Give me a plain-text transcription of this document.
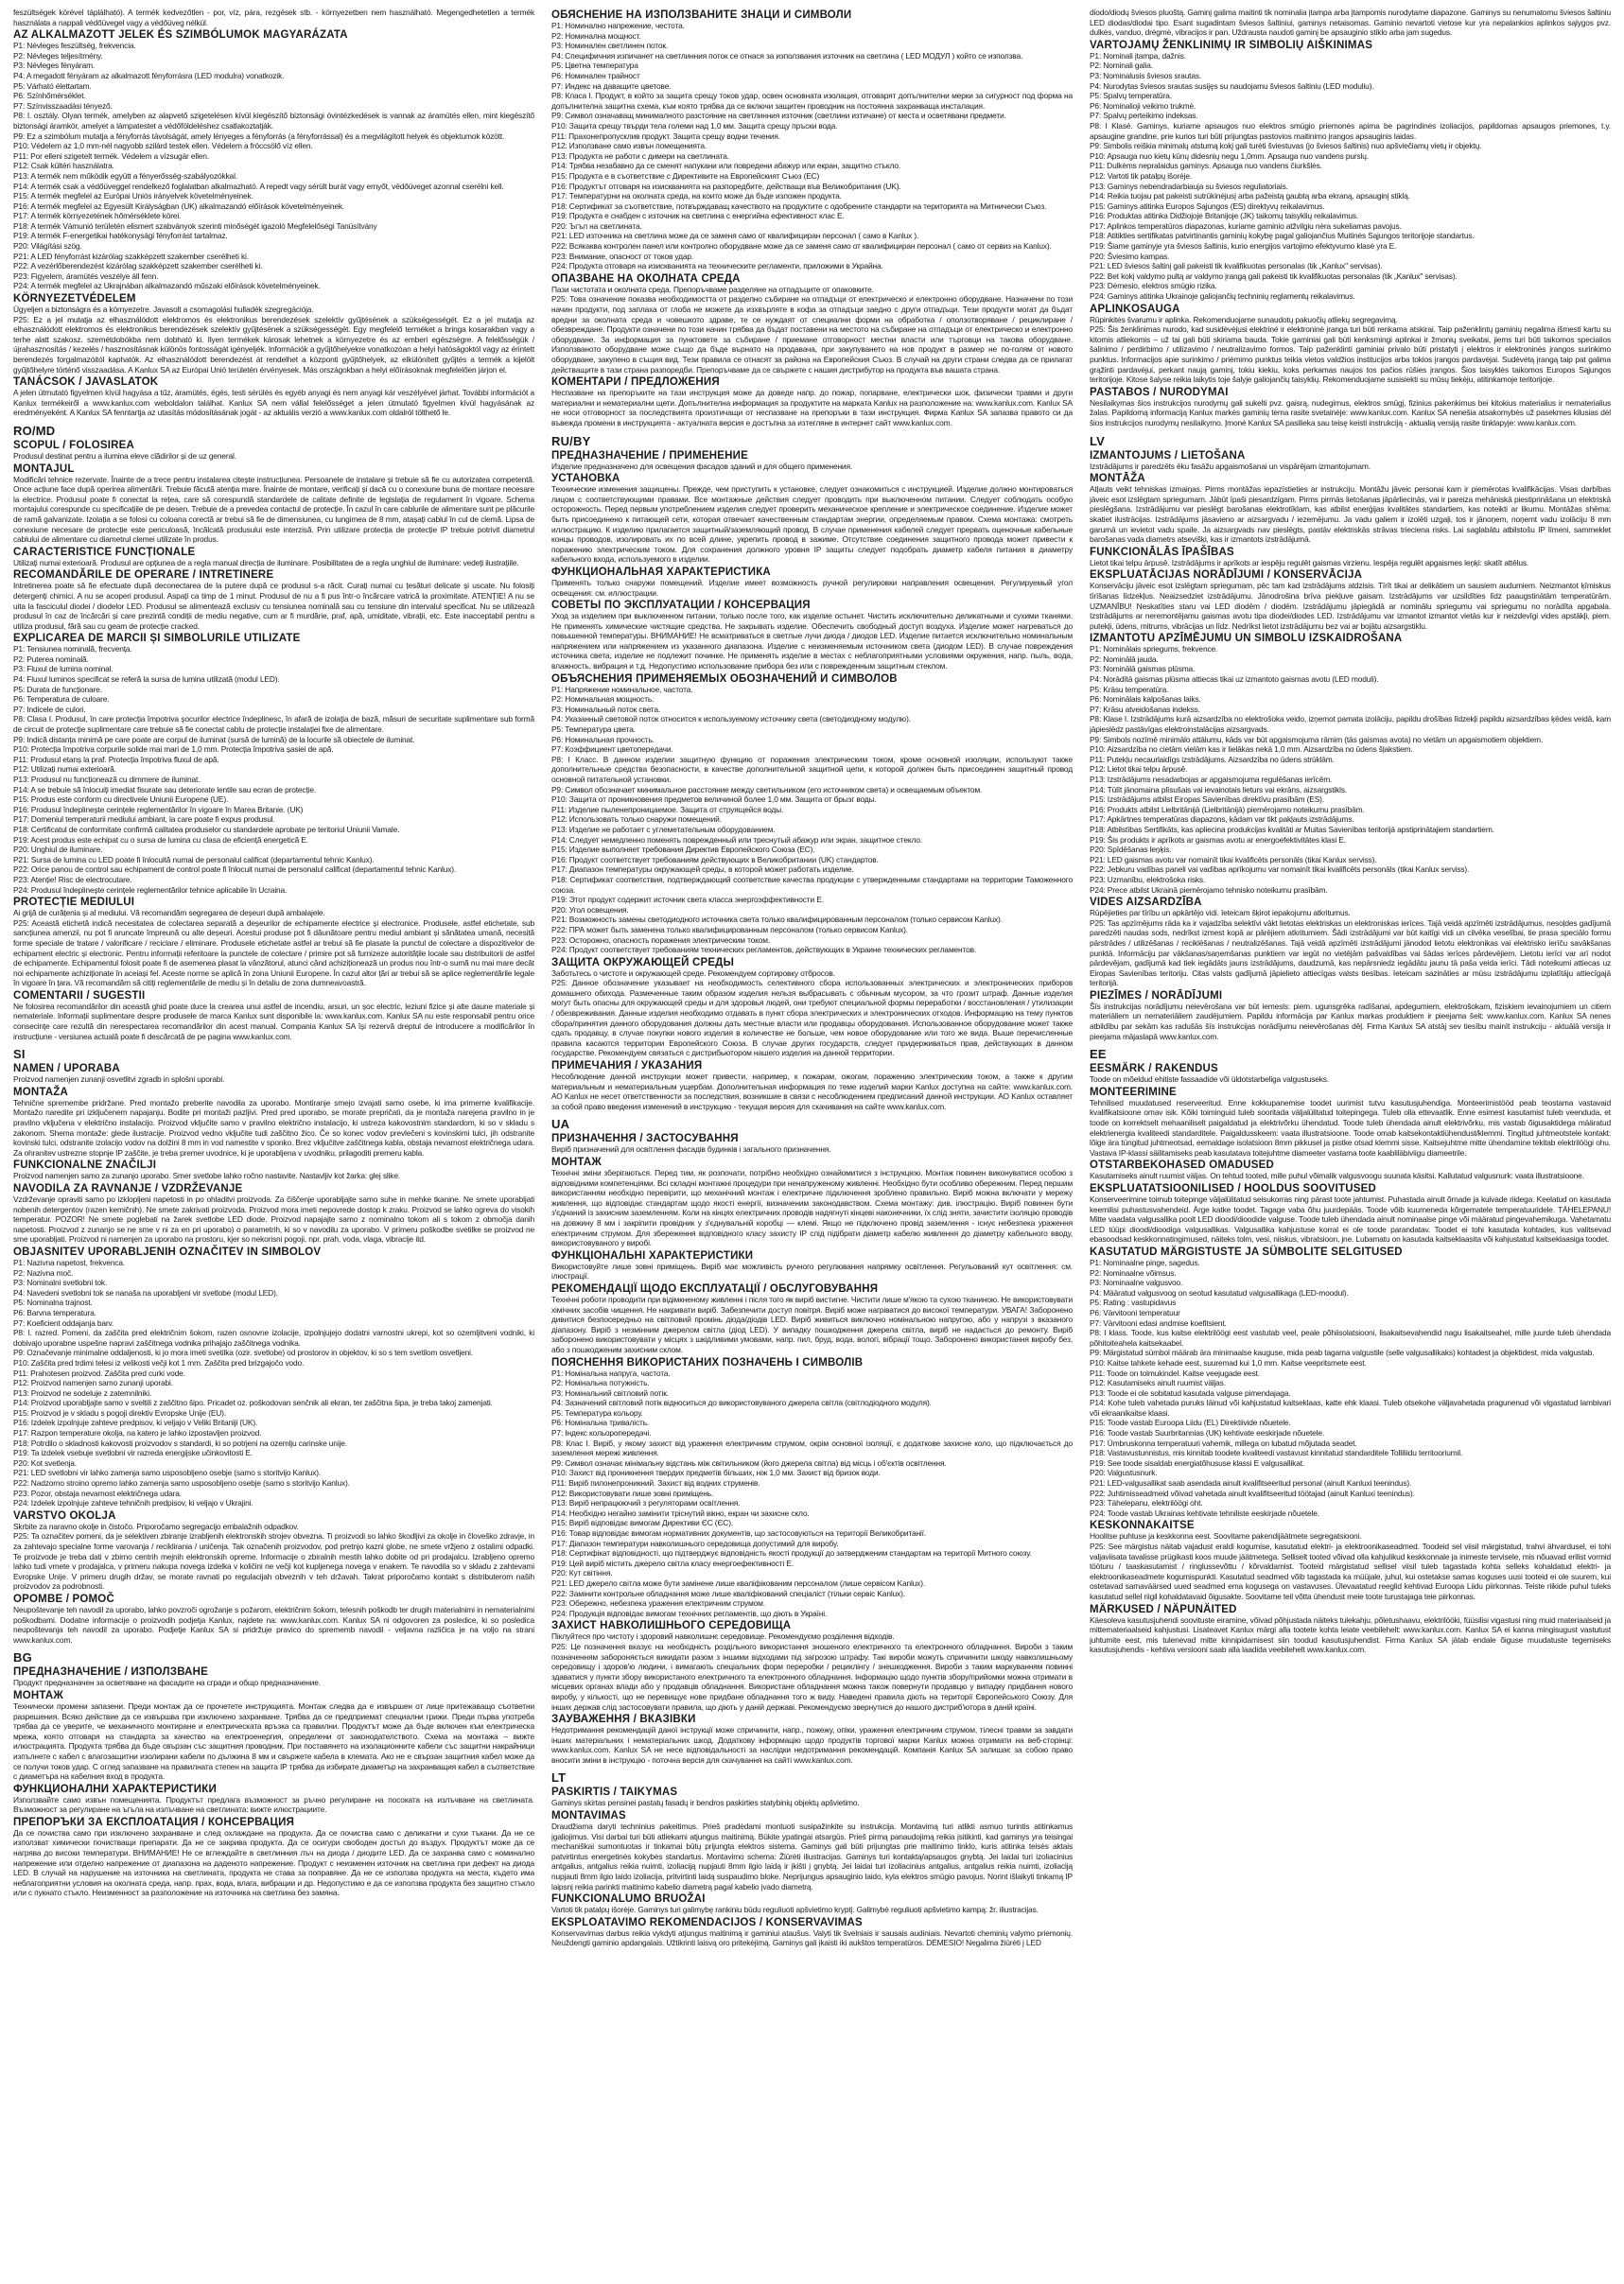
feszültségek körével táplálható). A termék kedvezőtlen - por, víz, pára, rezgések stb. - környezetben nem használható. Megengedhetetlen a termék használata a nappali védőüvegel vagy a védőüveg nélkül.

AZ ALKALMAZOTT JELEK ÉS SZIMBÓLUMOK MAGYARÁZATA

P1: Névleges feszültség, frekvencia.

P2: Névleges teljesítmény.

P3: Névleges fényáram.

P4: A megadott fényáram az alkalmazott fényforrásra (LED modulra) vonatkozik.

P5: Várható élettartam.

P6: Színhőmérséklet.

P7: Színvisszaadási tényező.

P8: I. osztály. Olyan termék, amelyben az alapvető szigetelésen kívül kiegészítő biztonsági óvintézkedések is vannak az áramütés ellen, mint kiegészítő biztonsági áramkör, amelyet a lámpatestet a védőföldeléshez csatlakoztatják.

P9: Ez a szimbólum mutatja a fényforrás távolságát, amely lényeges a fényforrás (a fényforrással) és a megvilágított helyek és objektumok között.

P10: Védelem az 1,0 mm-nél nagyobb szilárd testek ellen. Védelem a fröccsölő víz ellen.

P11: Por elleni szigetelt termék. Védelem a vízsugár ellen.

P12: Csak kültéri használatra.

P13: A termék nem működik együtt a fényerősség-szabályozókkal.

P14: A termék csak a védőüveggel rendelkező foglalatban alkalmazható. A repedt vagy sérült burát vagy ernyőt, védőüveget azonnal cserélni kell.

P15: A termék megfelel az Európai Uniós irányelvek követelményeinek.

P16: A termék megfelel az Egyesült Királyságban (UK) alkalmazandó előírások követelményeinek.

P17: A termék környezetének hőmérséklete körei.

P18: A termék Vámunió területén elismert szabványok szerinti minőségét igazoló Megfelelőségi Tanúsítvány

P19: A termék F-energetikai hatékonysági fényforrást tartalmaz.

P20: Világítási szög.

P21: A LED fényforrást kizárólag szakképzett szakember cserélheti ki.

P22: A vezérlőberendezést kizárólag szakképzett szakember cserélheti ki.

P23: Figyelem, áramütés veszélye áll fenn.

P24: A termék megfelel az Ukrajnában alkalmazandó műszaki előírások követelményeinek.

KÖRNYEZETVÉDELEM

Ügyeljen a biztonságra és a környezetre. Javasolt a csomagolási hulladék szegregációja.

P25: Ez a jel mutatja az elhasználódott elektromos és elektronikus berendezések szelektív gyűjtésének a szükségességét. Ez a jel mutatja az elhasználódott elektromos és elektronikus berendezések szelektív gyűjtésének a szükségességét. Egy megfelelő terméket a bringa kosarakban vagy a terhe alatt szakosz. szemétdobókba nem dobható ki. Ilyen termékek károsak lehetnek a környezetre és az emberi egészségre. A felelősségük / újrahasznosítás / kezelés / hasznosításnak különös fontosságát igényeljék. Információk a gyűjtőhelyekre vonatkozóan a helyi hatóságoktól vagy az érintett berendezés forgalmazóitól kaphatók. Az elhasználódott berendezést át rendelhet a központi gyűjtőhelyek, az elkülönített gyűjtés a termék a kijelölt gyűjtőhelyre történő visszaadása. A Kanlux SA az Európai Unió területén érvényesek. Más országokban a helyi előírásoknak megfelelően járjon el.

TANÁCSOK / JAVASLATOK

A jelen útmutató figyelmen kívül hagyása a tűz, áramütés, égés, testi sérülés és egyéb anyagi és nem anyagi kár veszélyével járhat. További információt a Kanlux termékeiről a www.kanlux.com weboldalon találhat. Kanlux SA nem vállal felelősséget a jelen útmutató figyelmen kívül hagyásának az eredményeként. A Kanlux SA fenntartja az utasítás módosításának jogát - az aktuális verzió a www.kanlux.com oldalról tölthető le.

RO/MD
SCOPUL / FOLOSIREA

Produsul destinat pentru a ilumina eleve clădirilor și de uz general.

MONTAJUL

Modificări tehnice rezervate. Înainte de a trece pentru instalarea citește instrucțiunea. Persoanele de instalare și trebuie să fie cu autorizatea competentă. Once acțiune face după operirea alimentării. Trebuie făcută atenția mare. Înainte de montare, verificați și dacă cu o conexiune buna de montare necesare la electrice. Produsul poate fi conectat la rețea, care să corespundă standardele de calitate definite de legislația de regulament în vigoare. Schema montajului corespunde cu specificațiile de pe desen. Trebuie de a prevedea contactul de protecție. În cazul în care cablurile de alimentare sunt pe plăcurile de ramă galvanizate. Izolația a se folosi cu coloana corectă ar trebui să fie de dimensiunea, cu lungimea de 8 mm, atașați cablul în cul de clemă. Lipsa de conexiune necesare de protecție este periculoasă, încălcată produsului este interzisă. Prin utilizare protecția de protecție IP trebuie potrivit diametrul cablului de alimentare cu diametrul clemei utilizate în produs.

CARACTERISTICE FUNCȚIONALE

Utilizați numai exterioară. Produsul are opțiunea de a regla manual direcția de iluminare. Posibilitatea de a regla unghiul de iluminare: vedeți ilustrațiile.

RECOMANDĂRILE DE OPERARE / INTRETINERE

Intretinerea poate să fie efectuate după deconectarea de la putere după ce produsul s-a răcit. Curați numai cu țesături delicate și uscate. Nu folosiți detergenți chimici. A nu se acoperi produsul. Aspați ca timp de 1 minut. Produsul de nu a fi pus într-o încărcare vatrică la proximitate. ATENȚIE! A nu se uita la fasciculul diodei / diodelor LED. Produsul se alimentează exclusiv cu tensiunea nominală sau cu tensiune din intervalul specificat. Nu se utilizează produsul în caz de încărcări și care prezintă condiții de mediu negative, cum ar fi murdărie, praf, apă, umiditate, vibrații, etc. Este inacceptabil pentru a utiliza produsul, fără sau cu geam de protecție cracked.

EXPLICAREA DE MARCII ȘI SIMBOLURILE UTILIZATE

P1: Tensiunea nominală, frecvența.

P2: Puterea nominală.

P3: Fluxul de lumina nominal.

P4: Fluxul luminos specificat se referă la sursa de lumina utilizată (modul LED).

P5: Durata de funcționare.

P6: Temperatura de culoare.

P7: Indicele de culori.

P8: Clasa I. Produsul, în care protecția împotriva șocurilor electrice îndeplinesc, în afară de izolația de bază, măsuri de securitate suplimentare sub formă de circuit de protecție suplimentare care trebuie să fie conectat cablu de protecție instalației fixe de alimentare.

P9: Indică distanța minimă pe care poate are corpul de iluminat (sursă de lumină) de la locurile să obiectele de iluminat.

P10: Protecția împotriva corpurile solide mai mari de 1,0 mm. Protecția împotriva șasiei de apă.

P11: Produsul etanș la praf. Protecția împotriva fluxul de apă.

P12: Utilizați numai exterioară.

P13: Produsul nu funcționează cu dimmere de iluminat.

P14: A se trebuie să înlocuiți imediat fisurate sau deteriorate lentile sau ecran de protecție.

P15: Produs este conform cu directivele Uniunii Europene (UE).

P16: Produsul îndeplinește cerințele reglementărilor în vigoare în Marea Britanie. (UK)

P17: Domeniul temperaturii mediului ambiant, la care poate fi expus produsul.

P18: Certificatul de conformitate confirmă calitatea produselor cu standardele aprobate pe teritoriul Uniunii Vamale.

P19: Acest produs este echipat cu o sursa de lumina cu clasa de eficiență energetică E.

P20: Unghiul de iluminare.

P21: Sursa de lumina cu LED poate fi înlocuită numai de personalul calificat (departamentul tehnic Kanlux).

P22: Orice panou de control sau echipament de control poate fi înlocuit numai de personalul calificat (departamentul tehnic Kanlux).

P23: Atenție! Risc de electrocutare.

P24: Produsul îndeplinește cerințele reglementărilor tehnice aplicabile în Ucraina.

PROTECȚIE MEDIULUI

Ai grijă de curățenia și al mediului. Vă recomandăm segregarea de deșeuri după ambalajele.

P25: Această etichetă indică necesitatea de colectarea separată a deșeurilor de echipamente electrice și electronice. Produsele, astfel etichetate, sub sancțiunea amenzii, nu pot fi aruncate împreună cu alte deșeuri. Acestui produse pot fi dăunătoare pentru mediul ambiant și sănătatea umană, necesită forme speciale de tratare / valorificare / reciclare / eliminare. Produsele etichetate astfel ar trebui să fie plasate la punctul de colectare a dispozitivelor de echipament electric și electronic. Pentru informații referitoare la punctele de colectare / primire pot să furnizeze autoritățile locale sau distribuitorii de astfel de echipamente. Echipamentul folosit poate fi de asemenea plasat la vânzătorul, atunci când achiziționează un produs nou într-o sumă nu mai mare decât noi echipamente achiziționate în aceiași fel. Aceste norme se aplică în zona Uniunii Europene. În cazul altor țări ar trebui să se aplice reglementările legale în vigoare în țara. Vă recomandăm să citiți reglementările de mediu și în detaliu de zona dumneavoastră.

COMENTARII / SUGESTII

Ne folosirea recomandărilor din această ghid poate duce la crearea unui astfel de incendiu, arsuri, un șoc electric, leziuni fizice și alte daune materiale și nemateriale. Informații suplimentare despre produsele de marca Kanlux sunt disponibile la: www.kanlux.com. Kanlux SA nu este responsabil pentru orice consecințe care rezultă din nerespectarea recomandărilor din acest manual. Compania Kanlux SA își rezervă dreptul de introducere a modificărilor în instrucțiune - versiunea actuală poate fi descărcată de pe pagina www.kanlux.com.

SI
NAMEN / UPORABA

Proizvod namenjen zunanji osvetlitvi zgradb in splošni uporabi.

MONTAŽA

Tehnične spremembe pridržane. Pred montažo preberite navodila za uporabo. Montiranje smejo izvajati samo osebe, ki ima primerne kvalifikacije. Montažo naredite pri izključenem napajanju. Bodite pri montaži pazljivi. Pred pred uporabo, se morate prepričati, da je montaža narejena pravilno in je pravilno vključena v električno instalacijo. Proizvod vključite samo v pravilno električno instalacijo, ki ustreza kakovostnim standardom, ki so v skladu s zakonom. Shema montaže: glede ilustracije. Proizvod vedno vključite tudi zaščitno žico. Če so konec vodov prevlečeni s kovinskimi tulci, jih odstranite kovinski tulci, odstranite izolacijo vodov na dolžini 8 mm in vod namestite v sponko. Brez vključitve zaščitnega kabla, obstaja nevarnost električnega udara. Za ohranitev ustrezne stopnje IP zaščite, je treba premer uvodnice, ki je uporabljena v uvodniku, prilagoditi premeru kabla.

FUNKCIONALNE ZNAČILJI

Proizvod namenjen samo za zunanjo uporabo. Smer svetlobe lahko ročno nastavite. Nastavljiv kot žarka: glej slike.

NAVODILA ZA RAVNANJE / VZDRŽEVANJE

Vzdrževanje opraviti samo po izklopljeni napetosti in po ohladitvi proizvoda. Za čiščenje uporabljajte samo suhe in mehke tkanine. Ne smete uporabljati nobenih detergentov (razen kemičnih). Ne smete zakrivati proizvoda. Proizvod mora imeti nepovrede dostop k zraku. Proizvod se lahko ogreva do visokih temperatur. POZOR! Ne smete poglebati na žarek svetlobe LED diode. Proizvod napajajte samo z nominalno tokom ali s tokom z območja danih napetosti. Proizvod z zunanjo se ne sme v ni za en pri uporabo) o parametrih, ki so v navodilu za uporabo. V primeru poškodbe svetilke se proizvod ne sme uporabljati. Proizvod ni namenjen za uporabo na prostoru, kjer so nekorisni pogoji, npr. prah, voda, vlaga, vibracije itd.

OBJASNITEV UPORABLJENIH OZNAČITEV IN SIMBOLOV

P1: Nazivna napetost, frekvenca.

P2: Nazivna moč.

P3: Nominalni svetlobni tok.

P4: Navedeni svetlobni tok se nanaša na uporabljeni vir svetlobe (modul LED).

P5: Nominalna trajnost.

P6: Barvna temperatura.

P7: Koeficient oddajanja barv.

P8: I. razred. Pomeni, da zaščita pred električnim šokom, razen osnovne izolacije, izpolnjujejo dodatni varnostni ukrepi, kot so ozemljitveni vodniki, ki dobivajo uporabne uspešne napravi zaščitnega vodnika prihajajo zaščitnega vodnika.

P9: Označevanje minimalne oddaljenosti, ki jo mora imeti svetilka (ozir. svetlobe) od prostorov in objektov, ki so s tem svetilom osvetljeni.

P10: Zaščita pred trdimi telesi iz velikosti večji kot 1 mm. Zaščita pred brizgajočo vodo.

P11: Prahotesen proizvod. Zaščita pred curki vode.

P12: Proizvod namenjen samo zunanji uporabi.

P13: Proizvod ne sodeluje z zatemnilniki.

P14: Proizvod uporabljajte samo v sveltili z zaščitno šipo. Pricadet oz. poškodovan senčnik ali ekran, ter zaščitna šipa, je treba takoj zamenjati.

P15: Proizvod je v skladu s pogoji direktiv Evropske Unije (EU).

P16: Izdelek izpolnjuje zahteve predpisov, ki veljajo v Veliki Britaniji (UK).

P17: Razpon temperature okolja, na katero je lahko izpostavljen proizvod.

P18: Potrdilo o skladnosti kakovosti proizvodov s standardi, ki so potrjeni na ozemlju carinske unije.

P19: Ta izdelek vsebuje svetlobni vir razreda energijske učinkovitosti E.

P20: Kot svetlenja.

P21: LED svetlobni vir lahko zamenja samo usposobljeno osebje (samo s storitvijo Kanlux).

P22: Nadzorno stroino opremo lahko zamenja samo usposobljeno osebje (samo s storitvijo Kanlux).

P23: Pozor, obstaja nevarnost električnega udara.

P24: Izdelek izpolnjuje zahteve tehničnih predpisov, ki veljajo v Ukrajini.

VARSTVO OKOLJA

Skrbite za naravno okolje in čistočo. Priporočamo segregacijo embalažnih odpadkov.

P25: Ta označitev pomeni, da je selektiven zbiranje izrabljenih elektronskih strojev obvezna. Ti proizvodi so lahko škodljivi za okolje in človeško zdravje, in za zahtevajo specialne forme varovanja / reciklirania / uničenja. Tak označenih proizvodov, pod pretnjo kazni globe, ne smete vržjeno z ostalimi odpadki. Te proizvode je treba dati v zbirno centrih mejnih elektronskih opreme. Informacije o zbiralnih mestih lahko dobite od pri prodajalcu. Izrabljeno opremo lahko tudi vrnete v prodajalca, v primeru nakupa novega izdelka v količini ne večji kot kupljenega novega v enakem. Te navodila so v skladu z zahtevami Evropske Unije. V primeru drugih držav, se morate ravnati po regulacijah obveznih v teh državah. Takrat priporočamo kontakt s distributerom naših proizvodov za podrobnosti.

OPOMBE / POMOČ

Neupoštevanje teh navodil za uporabo, lahko povzroči ogrožanje s požarom, električnim šokom, telesnih poškodb ter drugih materialnimi in nematerialnimi poškodbami. Dodatne informacije o proizvodih podjetja Kanlux, najdete na: www.kanlux.com. Kanlux SA ni odgovoren za posledice, ki so posledica neupoštevanja teh navodil za uporabo. Podjetje Kanlux SA si pridržuje pravico do sprememb navodil - veljavna različica je na voljo na strani www.kanlux.com.

BG
ПРЕДНАЗНАЧЕНИЕ / ИЗПОЛЗВАНЕ

Продукт предназначен за осветяване на фасадите на сгради и общо предназначение.

МОНТАЖ

Технически промени запазени. Преди монтаж да се прочетете инструкцията. Монтаж следва да е извършен от лице притежаващо съответни разрешения. Всяко действие да се извършва при изключено захранване. Трябва да се предприемат специални грижи. Преди първа употреба трябва да се уверите, че механичното монтиране и електрическата връзка са правилни. Продуктът може да бъде включен към електрическа мрежа, която отговаря на стандарта за качество на електроенергия, определени от законодателството. Схема на монтажа – вижте илюстрацията. Продукта трябва да бъде свързан със защитния проводник. При поставянето на изолационните кабели със защитни накрайници изпълнете с кабел с влагозащитни изолирани кабели по дължина 8 мм и свържете кабела в клемата. Ако не е свързан защитния кабел може да се получи токов удар. С оглед запазване на правилната степен на защита IP трябва да избирате диаметър на захранващия кабел в съответствие с диаметъра на кабелния вход в продукта.

ФУНКЦИОНАЛНИ ХАРАКТЕРИСТИКИ

Използвайте само извън помещенията. Продуктът предлага възможност за ръчно регулиране на посоката на излъчване на светлината. Възможност за регулиране на ъгъла на излъчване на светлината: вижте илюстрациите.

ПРЕПОРЪКИ ЗА ЕКСПЛОАТАЦИЯ / КОНСЕРВАЦИЯ

Да се почиства само при изключено захранване и след охлаждане на продукта. Да се почиства само с деликатни и сухи тъкани. Да не се използват химически почистващи препарати. Да не се закрива продукта. Да се осигури свободен достъп до въздух. Продуктът може да се нагрява до високи температури. ВНИМАНИЕ! Не се вглеждайте в светлинния лъч на диода / диодите LED. Да се захранва само с номинално напрежение или отделно напрежение от диапазона на даденото напрежение. Продукт с неизменен източник на светлина при дефект на диода LED. В случай на нарушение на източника на светлината, продукта не става за поправяне. Да не се използва продукта на места, където има неблагоприятни условия на околната среда, напр. прах, вода, влага, вибрации и др. Недопустимо е да се използва продукта без защитно стъкло или с пукнато стъкло. Неизменност за разположение на източника на светлина без замяна.

ОБЯСНЕНИЕ НА ИЗПОЛЗВАНИТЕ ЗНАЦИ И СИМВОЛИ

P1: Номинално напрежение, честота.

P2: Номинална мощност.

P3: Номинален светлинен поток.

P4: Специфичния изпичанет на светлинния поток се отнася за използвания източник на светлина ( LED МОДУЛ ) който се използва.

P5: Цветна температура

P6: Номинален трайност

P7: Индекс на даващите цветове.

P8: Класа I. Продукт, в който за защита срещу токов удар, освен основната изолация, отговарят допълнителни мерки за сигурност под форма на допълнителна защитна схема, към която трябва да се включи защитен проводник на постоянна захранваща инсталация.

P9: Символ означаващ минималното разстояние на светлинния източник (светлини изтичане) от места и осветявани предмети.

P10: Защита срещу твърди тела големи над 1,0 мм. Защита срещу пръски вода.

P11: Прахонепропусклив продукт. Защита срещу водни течения.

P12: Използване само извън помещенията.

P13: Продукта не работи с димери на светлината.

P14: Трябва незабавно да се сменят напукани или повредени абажур или екран, защитно стъкло.

P15: Продукта е в съответствие с Директивите на Европейският Съюз (ЕС)

P16: Продуктът отговаря на изискванията на разпоредбите, действащи във Великобритания (UK).

P17: Температурни на околната среда, на които може да бъде изложен продукта.

P18: Сертификат за съответствие, потвърждаващ качеството на продуктите с одобрените стандарти на територията на Митнически Съюз.

P19: Продукта е снабден с източник на светлина с енергийна ефективност клас Е.

P20: Ъгъл на светлината.

P21: LED източника на светлина може да се заменя само от квалифициран персонал ( само в Kanlux ).

P22: Всякаква контролен панел или контролно оборудване може да се заменя само от квалифициран персонал ( само от сервиз на Kanlux).

P23: Внимание, опасност от токов удар.

P24: Продукта отговаря на изискванията на техническите регламенти, приложими в Украйна.

ОПАЗВАНЕ НА ОКОЛНАТА СРЕДА

Пази чистотата и околната среда. Препоръчваме разделяне на отпадъците от опаковките.

P25: Това означение показва необходимостта от разделно събиране на отпадъци от електрическо и електронно оборудване. Назначени по този начин продукти, под заплаха от глоба не можете да изхвърляте в кофа за отпадъци заедно с други отпадъци. Тези продукти могат да бъдат вредни за околната среда и човешкото здраве, те се нуждаят от специални форми на обработка / оползотворяване / рециклиране / обезвреждане. Продукти означени по този начин трябва да бъдат поставени на местото на събиране на отпадъци от електрическо и електронно оборудване. За информация за пунктовете за събиране / приемане отговорност местни власти или търговци на такова оборудване. Използваното оборудване може също да бъде върнато на продавача, при закупуването на нов продукт в размер не по-голям от новото оборудване, закупено в същия вид. Тези правила се отнасят за района на Европейския Съюз. В случай на други страни следва да се прилагат действащите в тази страна разпоредби. Препоръчваме да се свържете с нашия дистрибутор на продукта във вашата страна.

КОМЕНТАРИ / ПРЕДЛОЖЕНИЯ

Неспазване на препоръките на тази инструкция може да доведе напр. до пожар, попарване, електрически шок, физически травми и други материални и нематериални щети. Допълнителна информация за продуктите на марката Kanlux на разположение на: www.kanlux.com. Kanlux SA не носи отговорност за последствията произтичащи от неспазване на препоръки в тази инструкция. Фирма Kanlux SA запазва правото си да въвежда промени в инструкцията - актуалната версия е достъпна за изтегляне в интернет сайт www.kanlux.com.

RU/BY
ПРЕДНАЗНАЧЕНИЕ / ПРИМЕНЕНИЕ

Изделие предназначено для освещения фасадов зданий и для общего применения.

УСТАНОВКА

Технические изменения защищены. Прежде, чем приступить к установке, следует ознакомиться с инструкцией. Изделие должно монтироваться лицом с соответствующими правами. Все монтажные действия следует проводить при выключенном питании. Следует соблюдать особую осторожность. Перед первым употреблением изделия следует проверить механическое крепление и электрическое соединение. Изделие может быть присоединено к питающей сети, которая отвечает качественным стандартам энергии, определяемым правом. Схема монтажа: смотреть иллюстрацию. К изделию прилагается защитный/заземляющий провод. В случае применения кабелей следует прервать оценочные кабельные концы проводов, изолировать их по всей длине, укрепить провод в зажиме. Отсутствие соединения защитного провода может привести к поражению электрическим током. Для сохранения должного уровня IP защиты следует подобрать диаметр кабеля питания в диаметру кабельного входа, используемого в изделии.

ФУНКЦИОНАЛЬНАЯ ХАРАКТЕРИСТИКА

Применять только снаружи помещений. Изделие имеет возможность ручной регулировки направления освещения. Регулируемый угол освещения: см. иллюстрации.

СОВЕТЫ ПО ЭКСПЛУАТАЦИИ / КОНСЕРВАЦИЯ

Уход за изделием при выключенном питании, только после того, как изделие остынет. Чистить исключительно деликатными и сухими тканями. Не применять химические чистящие средства. Не закрывать изделие. Обеспечить свободный доступ воздуха. Изделие может нагреваться до повышенной температуры. ВНИМАНИЕ! Не всматриваться в светлые лучи диода / диодов LED. Изделие питается исключительно номинальным напряжением или напряжением из указанного диапазона. Изделие с неизменяемым источником света (диодом LED). В случае повреждения источника света, изделие не подлежит починке. Не применять изделие в местах с неблагоприятными условиями окружения, напр. пыль, вода, влажность, вибрация и т.д. Недопустимо использование прибора без или с поврежденным защитным стеклом.

ОБЪЯСНЕНИЯ ПРИМЕНЯЕМЫХ ОБОЗНАЧЕНИЙ И СИМВОЛОВ

P1: Напряжение номинальное, частота.

P2: Номинальная мощность.

P3: Номинальный поток света.

P4: Указанный световой поток относится к используемому источнику света (светодиодному модулю).

P5: Температура цвета.

P6: Номинальная прочность.

P7: Коэффициент цветопередачи.

P8: I Класс. В данном изделии защитную функцию от поражения электрическим током, кроме основной изоляции, используют также дополнительные средства безопасности, в качестве дополнительной защитной цепи, к которой должен быть присоединен защитный провод основной питательной установки.

P9: Символ обозначает минимальное расстояние между светильником (его источником света) и освещаемым объектом.

P10: Защита от проникновения предметов величиной более 1,0 мм. Защита от брызг воды.

P11: Изделие пыленепроницаемое. Защита от струящейся воды.

P12: Использовать только снаружи помещений.

P13: Изделие не работает с углеметательным оборудованием.

P14: Следует немедленно поменять поврежденный или треснутый абажур или экран, защитное стекло.

P15: Изделие выполняет требования Директив Европейского Союза (ЕС).

P16: Продукт соответствует требованиям действующих в Великобритании (UK) стандартов.

P17: Диапазон температуры окружающей среды, в которой может работать изделие.

P18: Сертификат соответствия, подтверждающий соответствие качества продукции с утвержденными стандартами на территории Таможенного союза.

P19: Этот продукт содержит источник света класса энергоэффективности Е.

P20: Угол освещения.

P21: Возможность замены светодиодного источника света только квалифицированным персоналом (только сервисом Kanlux).

P22: ПРА может быть заменена только квалифицированным персоналом (только сервисом Kanlux).

P23: Осторожно, опасность поражения электрическим током.

P24: Продукт соответствует требованиям технических регламентов, действующих в Украине технических регламентов.

ЗАЩИТА ОКРУЖАЮЩЕЙ СРЕДЫ

Заботьтесь о чистоте и окружающей среде. Рекомендуем сортировку отбросов.

P25: Данное обозначение указывает на необходимость селективного сбора использованных электрических и электронических приборов домашнего обихода. Размеченные таким образом изделия нельзя выбрасывать с обычным мусором, за что грозит штраф. Данные изделия могут быть опасны для окружающей среды и для здоровья людей, они требуют специальной формы переработки / восстановления / утилизации / обезвреживания. Данные изделия необходимо отдавать в пункт сбора электрических и электронических отходов. Информацию на тему пунктов сбора/принятия данного оборудования должны дать местные власти или продавцы оборудования. Использованное оборудование может также сдать продавцу, в случае покупки нового изделия в количестве не больше, чем новое оборудование или того же вида. Выше перечисленные правила касаются территории Европейского Союза. В случае других государств, следует придерживаться прав, действующих в данном государстве. Рекомендуем связаться с дистрибьютором нашего изделия на данной территории.

ПРИМЕЧАНИЯ / УКАЗАНИЯ

Несоблюдение данной инструкции может привести, например, к пожарам, ожогам, поражению электрическим током, а также к другим материальным и нематериальным ущербам. Дополнительная информация по теме изделий марки Kanlux доступна на сайте: www.kanlux.com. АО Kanlux не несет ответственности за последствия, возникшие в связи с несоблюдением предписаний данной инструкции. АО Kanlux оставляет за собой право введения изменений в инструкцию - текущая версия для скачивания на сайте www.kanlux.com.

UA
ПРИЗНАЧЕННЯ / ЗАСТОСУВАННЯ

Виріб призначений для освітлення фасадів будинків і загального призначення.

МОНТАЖ

Технічні зміни зберігаються. Перед тим, як розпочати, потрібно необхідно ознайомитися з інструкцією. Монтаж повинен виконуватися особою з відповідними компетенціями. Всі складні монтажні процедури при ненапруженому живленні. Необхідно бути особливо обережним. Перед першим використанням необхідно перевірити, що механічний монтаж і електричне підключення зроблено правильно. Виріб можна включати у мережу живлення, що відповідає стандартам щодо якості енергії, визначеним законодавством. Схема монтажу: див. ілюстрацію. Виріб повинен бути з'єднаний із захисним заземленням. Коли на кінцях електричних проводів надягнуті кінцеві наконечники, їх слід зняти, зачистити ізоляцію проводів на довжину 8 мм і закріпити провідник у з'єднувальній коробці — клемі. Якщо не підключено провід заземлення - існує небезпека ураження електричним струмом. Для збереження відповідного класу захисту IP слід підібрати діаметр кабелю живлення до діаметру кабельного вводу, використовуваного у виробі.

ФУНКЦІОНАЛЬНІ ХАРАКТЕРИСТИКИ

Використовуйте лише зовні приміщень. Виріб має можливість ручного регулювання напрямку освітлення. Регульований кут освітлення: см. ілюстрації.

РЕКОМЕНДАЦІЇ ЩОДО ЕКСПЛУАТАЦІЇ / ОБСЛУГОВУВАННЯ

Технічні роботи проводити при відімкненому живленні і після того як виріб вистигне. Чистити лише м'якою та сухою тканиною. Не використовувати хімічних засобів чищення. Не накривати виріб. Забезпечити доступ повітря. Виріб може нагріватися до високої температури. УВАГА! Заборонено дивитися безпосередньо на світловий промінь діода/діодів LED. Виріб живиться виключно номінальною напругою, або у напрузі з вказаного діапазону. Виріб з незмінним джерелом світла (діод LED). У випадку пошкодження джерела світла, виріб не надається до ремонту. Виріб заборонено використовувати у місцях з шкідливими умовами, напр. пил, бруд, вода, вологі, вібрації тощо. Заборонено використання виробу без, або з пошкодженим захисним склом.

ПОЯСНЕННЯ ВИКОРИСТАНИХ ПОЗНАЧЕНЬ І СИМВОЛІВ

P1: Номінальна напруга, частота.

P2: Номінальна потужність.

P3: Номінальний світловий потік.

P4: Зазначений світловий потік відноситься до використовуваного джерела світла (світлодіодного модуля).

P5: Температура кольору.

P6: Номінальна тривалість.

P7: Індекс кольоропередачі.

P8: Клас I. Виріб, у якому захист від ураження електричним струмом, окрім основної ізоляції, є додаткове захисне коло, що підключається до заземлення мережі живлення.

P9: Символ означає мінімальну відстань між світильником (його джерела світла) від місць і об'єктів освітлення.

P10: Захист від проникнення твердих предметів більших, ніж 1,0 мм. Захист від бризок води.

P11: Виріб пилонепроникний. Захист від водних струменів.

P12: Використовувати лише зовні приміщень.

P13: Виріб непрацюючий з регуляторами освітлення.

P14: Необхідно негайно замінити тріснутий вікно, екран чи захисне скло.

P15: Виріб відповідає вимогам Директиви ЄС (ЄС).

P16: Товар відповідає вимогам нормативних документів, що застосовуються на території Великобританії.

P17: Діапазон температури навколишнього середовища допустимий для виробу.

P18: Сертифікат відповідності, що підтверджує відповідність якості продукції до затвердженим стандартам на території Митного союзу.

P19: Цей виріб містить джерело світла класу енергоефективності Е.

P20: Кут світіння.

P21: LED джерело світла може бути замінене лише кваліфікованим персоналом (лише сервісом Kanlux).

P22: Замінити контрольне обладнання може лише кваліфікований спеціаліст (тільки сервіс Kanlux).

P23: Обережно, небезпека ураження електричним струмом.

P24: Продукція відповідає вимогам технічних регламентів, що діють в Україні.

ЗАХИСТ НАВКОЛИШНЬОГО СЕРЕДОВИЩА

Піклуйтеся про чистоту і здоровий навколишнє середовище. Рекомендуємо розділення відходів.

P25: Це позначення вказує на необхідність роздільного використання зношеного електричного та електронного обладнання. Вироби з таким позначенням забороняється викидати разом з іншими відходами під загрозою штрафу. Такі вироби можуть спричинити шкоду навколишньому середовищу і здоров'ю людини, і вимагають спеціальних форм переробки / рециклінгу / знешкодження. Вироби з таким маркуванням повинні здаватися у пункти збору використаного електричного та електронного обладнання. Інформацію щодо пунктів збору/прийомки можна отримати в місцевих органах влади або у продавців обладнання. Використане обладнання можна також повернути продавцю у випадку придбання нового виробу, у кількості, що не перевищує нове придбане обладнання того ж виду. Наведені правила діють на території Європейського Союзу. Для інших держав слід застосовувати правила, що діють у даній державі. Рекомендуємо звернутися до нашого дистриб'ютора в даній країні.

ЗАУВАЖЕННЯ / ВКАЗІВКИ

Недотримання рекомендацій даної інструкції може спричинити, напр., пожежу, опіки, ураження електричним струмом, тілесні травми за завдати інших матеріальних і нематеріальних шкод. Додаткову інформацію щодо продуктів торгової марки Kanlux можна отримати на веб-сторінці: www.kanlux.com. Kanlux SA не несе відповідальності за наслідки недотримання рекомендацій. Компанія Kanlux SA залишає за собою право вносити зміни в інструкцію - поточна версія для скачування на сайті www.kanlux.com.

LT
PASKIRTIS / TAIKYMAS

Gaminys skirtas pensinei pastatų fasadų ir bendros paskirties statybinių objektų apšvietimo.

MONTAVIMAS

Draudžiama daryti techninius pakeitimus. Prieš pradėdami montuoti susipažinkite su instrukcija. Montavimą turi atlikti asmuo turintis atitinkamus įgaliojimus. Visi darbai turi būti atliekami atjungus maitinimą. Būkite ypatingai atsargūs. Prieš pirmą panaudojimą reikia įsitikinti, kad gaminys yra teisingai mechaniškai sumontuotas ir tinkamai būtų prijungta elektros sistema. Gaminys gali būti prijungtas prie maitinimo tinklo, kuris atitinka teisės aktais patvirtintus energetinės kokybės standartus. Montavimo schema: Žiūrėti iliustracijas. Gaminys turi kontaktą/apsaugos gnybtą. Jei laidai turi izoliacinius antgalius, antgalius reikia nuimti, izoliaciją nupjauti 8mm ilgio laidą ir įkišti į gnybtą. Jei laidai turi izoliacinius antgalius, antgalius reikia nuimti, izoliaciją nupjauti 8mm ilgio laido izoliacija, pritvirtinti laidą suspaudimo bloke. Neprijungus apsauginio laido, kyla elektros smūgio pavojus. Norint išlaikyti tinkamą IP laipsnį reikia parinkti maitinimo kabelio diametrą pagal kabelio įvado diametrą.

FUNKCIONALUMO BRUOŽAI

Vartoti tik patalpų išorėje. Gaminys turi galimybę rankiniu būdu reguliuoti apšvietimo kryptį. Galimybė reguliuoti apšvietimo kampą: žr. iliustracijas.

EKSPLOATAVIMO REKOMENDACIJOS / KONSERVAVIMAS

Konservavimas darbus reikia vykdyti atjungus maitinimą ir gaminiui ataušus. Valyti tik švelniais ir sausais audiniais. Nevartoti cheminių valymo priemonių. Neuždengti gaminio apdangalais. Užtikrinti laisvą oro pritekėjimą. Gaminys gali įkaisti iki aukštos temperatūros. DĖMESIO! Negalima žiūrėti į LED

diodo/diodų šviesos pluoštą. Gaminį galima maitinti tik nominalia įtampa arba įtampomis nurodytame diapazone. Gaminys su nenumatomu šviesos šaltiniu LED diodas/diodai tipo. Esant sugadintam šviesos šaltiniui, gaminys netaisomas. Gaminio nevartoti vietose kur yra nepalankios aplinkos sąlygos pvz. dulkės, vanduo, drėgmė, vibracijos ir pan. Uždrausta naudoti gaminį be apsauginio stiklo arba jam sugedus.

VARTOJAMŲ ŽENKLINIMŲ IR SIMBOLIŲ AIŠKINIMAS

P1: Nominali įtampa, dažnis.

P2: Nominali galia.

P3: Nominalusis šviesos srautas.

P4: Nurodytas šviesos srautas susijęs su naudojamu šviesos šaltiniu (LED moduliu).

P5: Spalvų temperatūra.

P6: Nominalioji veikimo trukmė.

P7: Spalvų perteikimo indeksas.

P8: I Klasė. Gaminys, kuriame apsaugos nuo elektros smūgio priemonės apima be pagrindinės izoliacijos, papildomas apsaugos priemones, t.y. apsaugine grandine, prie kurios turi būti prijungtas pastovios maitinimo įrangos apsauginis laidas.

P9: Simbolis reiškia minimalų atstumą kokį gali turėti šviestuvas (jo šviesos šaltinis) nuo apšviečiamų vietų ir objektų.

P10: Apsauga nuo kietų kūnų didesnių negu 1,0mm. Apsauga nuo vandens purslų.

P11: Dulkėms nepralaidus gaminys. Apsauga nuo vandens čiurkšlės.

P12: Vartoti tik patalpų išorėje.

P13: Gaminys nebendradarbiauja su šviesos reguliatoriais.

P14: Reikia tuojau pat pakeisti sutrūkinėjusį arba pažeistą gaubtą arba ekraną, apsauginį stiklą.

P15: Gaminys atitinka Europos Sąjungos (ES) direktyvų reikalavimus.

P16: Produktas atitinka Didžiojoje Britanijoje (JK) taikomų taisyklių reikalavimus.

P17: Aplinkos temperatūros diapazonas, kuriame gaminio atžvilgiu nėra sukeliamas pavojus.

P18: Atitikties sertifikatas patvirtinantis gaminių kokybę pagal galiojančius Muitinės Sąjungos teritorijoje standartus.

P19: Šiame gaminyje yra šviesos šaltinis, kurio energijos vartojimo efektyvumo klasė yra E.

P20: Šviesimo kampas.

P21: LED šviesos šaltinį gali pakeisti tik kvalifikuotas personalas (tik „Kanlux" servisas).

P22: Bet kokį valdymo pultą ar valdymo įrangą gali pakeisti tik kvalifikuotas personalas (tik „Kanlux" servisas).

P23: Dėmesio, elektros smūgio rizika.

P24: Gaminys atitinka Ukrainoje galiojančių techninių reglamentų reikalavimus.

APLINKOSAUGA

Rūpinkitės švarumu ir aplinka. Rekomenduojame sunaudotų pakuočių atliekų segregavimą.

P25: Šis ženklinimas nurodo, kad susidėvėjusi elektrinė ir elektroninė įranga turi būti renkama atskirai. Taip paženklintų gaminių negalima išmesti kartu su kitomis atliekomis – už tai gali būti skiriama bauda. Tokie gaminiai gali būti kenksmingi aplinkai ir žmonių sveikatai, jiems turi būti taikomos specialios šalinimo / perdirbimo / utilizavimo / neutralizavimo formos. Taip paženklinti gaminiai privalo būti pristatyti į elektros ir elektroninės įrangos surinkimo punktus. Informacijos apie surinkimo / priėmimo punktus teikia vietos valdžios institucijos arba tokios įrangos pardavėjai. Sudėvėtą įrangą taip pat galima grąžinti pardavėjui, perkant naują gaminį, tokiu kiekiu, koks perkamas naujos tos pačios rūšies įrangos. Šios taisyklės taikomos Europos Sąjungos teritorijoje. Kitose šalyse reikia laikytis toje šalyje galiojančių taisyklių. Rekomenduojame susisiekti su mūsų tiekėju, atitinkamoje teritorijoje.

PASTABOS / NURODYMAI

Nesilaikymas šios instrukcijos nurodymų gali sukelti pvz. gaisrą, nudegimus, elektros smūgį, fizinius pakenkimus bei kitokius materialius ir nematerialius žalas. Papildomą informaciją Kanlux markės gaminių tema rasite svetainėje: www.kanlux.com. Kanlux SA nenešia atsakomybės už pasekmes kilusias dėl šios instrukcijos nurodymų nesilaikymo. Įmonė Kanlux SA pasilieka sau teisę keisti instrukciją - aktualią versiją rasite tinklapyje: www.kanlux.com.

LV
IZMANTOJUMS / LIETOŠANA

Izstrādājums ir paredzēts ēku fasāžu apgaismošanai un vispārējam izmantojumam.

MONTĀŽA

Atļauts veikt tehniskas izmaiņas. Pirms montāžas iepazīstieties ar instrukciju. Montāžu jāveic personai kam ir piemērotas kvalifikācijas. Visas darbības jāveic esot izslēgtam spriegumam. Jābūt īpaši piesardzīgam. Pirms pirmās lietošanas jāpārliecinās, vai ir pareiza mehāniskā piestiprināšana un elektriskā pieslēgšana. Izstrādājumu var pieslēgt barošanas elektrotīklam, kas atbilst enerģijas kvalitātes standartiem, kas noteikti ar likumu. Montāžas shēma: skatiet ilustrācijas. Izstrādājums jāsavieno ar aizsargvadu / iezemējumu. Ja vadu galiem ir izolēti uzgaļi, tos ir jānoņem, noņemt vadu izolāciju 8 mm garumā un ievietot vadu spaile. Ja aizsargvads nav pieslēgts, pastāv elektriskās strāvas trieciena risks. Lai saglabātu atbilstošu IP līmeni, sammeklet barošanas vada diametrs atsevišķi, kas ir izmantots izstrādājumā.

FUNKCIONĀLĀS ĪPAŠĪBAS

Lietot tikai telpu ārpusē. Izstrādājums ir aprīkots ar iespēju regulēt gaismas virzienu. Iespēja regulēt apgaismes leņķi: skatīt attēlus.

EKSPLUATĀCIJAS NORĀDĪJUMI / KONSERVĀCIJA

Konservāciju jāveic esot izslēgtam spriegumam, pēc tam kad izstrādājums atdzisis. Tīrīt tikai ar delikātiem un sausiem audumiem. Neizmantot ķīmiskus tīrīšanas līdzekļus. Neaizsedziet izstrādājumu. Jānodrošina brīva piekļuve gaisam. Izstrādājums var uzsildīties līdz paaugstinātām temperatūrām. UZMANĪBU! Neskatīties staru vai LED diodēm / diodēm. Izstrādājumu jāpiegādā ar nominālu spriegumu vai spriegumu no norādīta apgabala. Izstrādājums ar neremontējamu gaismas avotu tipa diodei/diodes LED. Izstrādājumu var izmantot izmantot vietās kur ir neizdevīgi vides apstākļi, piem. putekļi, ūdens, mitrums, vibrācijas un līdz. Nedrīkst lietot izstrādājumu bez vai ar bojātu aizsargstiklu.

IZMANTOTU APZĪMĒJUMU UN SIMBOLU IZSKAIDROŠANA

P1: Nominālais spriegums, frekvence.

P2: Nominālā jauda.

P3: Nominālā gaismas plūsma.

P4: Norādītā gaismas plūsma attiecas tikai uz izmantoto gaismas avotu (LED moduli).

P5: Krāsu temperatūra.

P6: Nominālais kalpošanas laiks.

P7: Krāsu atveidošanas indekss.

P8: Klase I. Izstrādājums kurā aizsardzība no elektrošoka veido, izņemot pamata izolāciju, papildu drošības līdzekļi papildu aizsardzības ķēdes veidā, kam jāpieslēdz pastāvīgas elektroinstalācijas aizsargvads.

P9: Simbols nozīmē minimālo attālumu, kāds var būt apgaismojuma rāmim (tās gaismas avota) no vietām un apgaismotiem objektiem.

P10: Aizsardzība no cietām vielām kas ir lielākas nekā 1,0 mm. Aizsardzība no ūdens šļakstiem.

P11: Putekļu necaurlaidīgs izstrādājums. Aizsardzība no ūdens strūklām.

P12: Lietot tikai telpu ārpusē.

P13: Izstrādājums nesadarbojas ar apgaismojuma regulēšanas ierīcēm.

P14: Tūlīt jānomaina plīsušais vai ievainotais lieturs vai ekrāns, aizsargstikls.

P15: Izstrādājums atbilst Eiropas Savienības direktīvu prasībām (ES).

P16: Produkts atbilst Lielbritānijā (Lielbritānijā) piemērojamo noteikumu prasībām.

P17: Apkārtnes temperatūras diapazons, kādam var tikt pakļauts izstrādājums.

P18: Atbilstības Sertifikāts, kas apliecina produkcijas kvalitāti ar Muitas Savienības teritorijā apstiprinātajiem standartiem.

P19: Šis produkts ir aprīkots ar gaismas avotu ar energoefektivitātes klasi E.

P20: Spīdēšanas leņķis.

P21: LED gaismas avotu var nomainīt tikai kvalificēts personāls (tikai Kanlux serviss).

P22: Jebkuru vadības paneli vai vadības aprīkojumu var nomainīt tikai kvalificēts personāls (tikai Kanlux serviss).

P23: Uzmanību, elektrošoka risks.

P24: Prece atbilst Ukrainā piemērojamo tehnisko noteikumu prasībām.

VIDES AIZSARDZĪBA

Rūpējieties par tīrību un apkārtējo vidi. Ieteicam šķirot iepakojumu atkritumus.

P25: Tas apzīmējums rāda ka ir vajadzība selektīvi vākt lietotas elektriskas un elektroniskas ierīces. Tajā veidā apzīmēti izstrādājumus, nesoļdes gadījumā paredzēti naudas sods, nedrīkst izmest kopā ar pārējiem atkritumiem. Šādi izstrādājumi var būt kaitīgi vidi un cilvēka veselībai, tie prasa speciālo formu pārstrādes / utilizēšanas / reciklēšanas / neutralizēšanas. Tajā veidā apzīmēti izstrādājumi jānodod lietotu elektronikas vai elektrisko ierīču savākšanas punktā. Informāciju par vākšanas/saņemšanas punktiem var iegūt no vietējām pašvaldības vai šādas ierīces pārdevējiem. Lietotu ierīci var arī nodot pārdevējam, gadījumā kad tiek iegādāts jauns izstrādājums, daudzumā, kas nepārsniedz iegādātu jaunu tā paša veida ierīci. Tādi noteikumi attiecas uz Eiropas Savienības teritoriju. Citas valsts gadījumā jāpielieto attiecīgas valsts tiesības. Ieteicam sazināties ar mūsu izstrādājumu izplatītāju attiecīgajā teritorijā.

PIEZĪMES / NORĀDĪJUMI

Šīs instrukcijas norādījumu neievērošana var būt iemesls: piem. ugunsgrēka radīšanai, apdegumiem, elektrošokam, fiziskiem ievainojumiem un citiem materiāliem un nemateriāliem zaudējumiem. Papildu informācija par Kanlux markas produktiem ir pieejama šeit: www.kanlux.com. Kanlux SA nenes atbildību par sekām kas radušās šīs instrukcijas norādījumu neievērošanas dēļ. Firma Kanlux SA atstāj sev tiesību mainīt instrukciju - aktuālā versija ir pieejama mājaslapā www.kanlux.com.

EE
EESMÄRK / RAKENDUS

Toode on mõeldud ehitiste fassaadide või üldotstarbeliga valgustuseks.

MONTEERIMINE

Tehnilised muudatused reserveeritud. Enne kokkupanemise toodet uurimist tutvu kasutusjuhendiga. Monteerimistööd peab teostama vastavaid kvalifikatsioone omav isik. Kõiki toiminguid tuleb sooritada väljalülitatud toitepingega. Tuleb olla ettevaatlik. Enne esimest kasutamist tuleb veenduda, et toode on korrektselt mehaaniliselt paigaldatud ja elektrivõrku ühendatud. Toode tuleb ühendada ainult elektrivõrku, mis vastab õigusaktidega määratud elektrienergia kvaliteedi standarditele. Paigaldusskeem: vaata illustratsioone. Toode omab kaitsekontaktiühendust/klemmi. Tingitud juhtmeotstele kontakt: lõige ära tüngitud juhtmeotsad, eemaldage isolatsioon 8mm pikkusel ja pistke otsad klemmi sisse. Kaitsejuhtme mitte ühendamine tekitab elektrilöögi ohu. Vastava IP-klassi säilitamiseks peab kasutatava toitejuhtme diameeter vastama toote kaabliläbiviigu diameetrile.

OTSTARBEKOHASED OMADUSED

Kasutamiseks ainult ruumist väljas. On tehtud tooted, mille puhul võimalik valgusvoogu suunata käsitsi. Kallutatud valgusnurk: vaata illustratsioone.

EKSPLUATATSIOONILISED / HOOLDUS SOOVITUSED

Konserveerimine toimub toitepinge väljalülitatud seisukorras ning pärast toote jahtumist. Puhastada ainult õrnade ja kuivade riidega. Keelatud on kasutada keemilisi puhastusvahendeid. Ärge katke toodet. Tagage vaba õhu juurdepääs. Toode võib kuumeneda kõrgematele temperatuuridele. TÄHELEPANU! Mitte vaadata valgusallika poolt LED dioodi/dioodide valguse. Toode tuleb ühendada ainult nominaalse pinge või määratud pingevahemikuga. Vahetamatu LED tüüpi dioodi/dioodiga valgusallikas. Valgusallika kahjustuse korral ei ole toode parandatav. Toodet ei tohi kasutada kohtades, kus valitsevad ebasoodsad keskkonnatingimused, näiteks tolm, vesi, niiskus, vibratsioon, jne. Lubamatu on kasutada kaitseklaasita või kahjustatud kaitseklaasiga toodet.

KASUTATUD MÄRGISTUSTE JA SÜMBOLITE SELGITUSED

P1: Nominaalne pinge, sagedus.

P2: Nominaalne võimsus.

P3: Nominaalne valgusvoo.

P4: Määratud valgusvoog on seotud kasutatud valgusallikaga (LED-moodul).

P5: Rating : vastupidavus

P6: Värvitooni temperatuur

P7: Värvitooni edasi andmise koefitsient.

P8: I klass. Toode, kus kaitse elektrilöögi eest vastutab veel, peale põhiisolatsiooni, lisakaitsevahendid nagu lisakaitseahel, mille juurde tuleb ühendada põhitoiteahela kaitsekaabel.

P9: Märgistatud sümbol määrab ära minimaalse kauguse, mida peab tagama valgustile (selle valgusallikaks) kohtadest ja objektidest, mida valgustab.

P10: Kaitse tahkete kehade eest, suuremad kui 1,0 mm. Kaitse veepritsmete eest.

P11: Toode on tolmukindel. Kaitse veejugade eest.

P12: Kasutamiseks ainult ruumist väljas.

P13: Toode ei ole sobitatud kasutada valguse pimendajaga.

P14: Kohe tuleb vahetada puruks läinud või kahjustatud kaitseklaas, katte ehk klaasi. Tuleb otsekohe väljavahetada pragunenud või vigastatud lambivari või ekraanikaitse klaasi.

P15: Toode vastab Euroopa Liidu (EL) Direktiivide nõuetele.

P16: Toode vastab Suurbritannias (UK) kehtivate eeskirjade nõuetele.

P17: Ümbruskonna temperatuuri vahemik, millega on lubatud mõjutada seadet.

P18: Vastavustunnistus, mis kinnitab toodete kvaliteedi vastavust kinnitatud standarditele Tolliliidu territooriumil.

P19: See toode sisaldab energiatõhususe klassi E valgusallikat.

P20: Valgustusnurk.

P21: LED-valgusallikat saab asendada ainult kvalifitseeritud personal (ainult Kanluxi teenindus).

P22: Juhtimisseadmeid võivad vahetada ainult kvalifitseeritud töötajad (ainult Kanluxi teenindus).

P23: Tähelepanu, elektrilöögi oht.

P24: Toode vastab Ukrainas kehtivate tehniliste eeskirjade nõuetele.

KESKONNAKAITSE

Hoolitse puhtuse ja keskkonna eest. Soovitame pakendijäätmete segregatsiooni.

P25: See märgistus näitab vajadust eraldi kogumise, kasutatud elektri- ja elektroonikaseadmed. Toodeid sel viisil märgistatud, trahvi ähvardusel, ei tohi valjaviisata tavalisse prügikasti koos muude jäätmetega. Selliselt tooted võivad olla kahjulikud keskkonnale ja inimeste tervisele, mis nõuavad erilist vormid tööturu / taaskasutamist / ringlussevõttu / kõrvaldamist. Tooteid märgistatud sellisel viisil tuleb tagastada kohta selleks kohaldatud elektri- ja elektroonikaseadmete kogumispunkti. Kasutatud seadmed võib tagastada ka müüjale, juhul, kui ostetakse samas koguses uusi tooteid ei ole suurem, kui ostetavad samaväärsed uued seadmed ema kogusega on vastavuses. Ülevaatatud reeglid kehtivad Euroopa Liidu piirkonnas. Teiste riikide puhul tuleks kasutatud sellel riigil kohaldatavaid õigusakte. Soovitame teil võtta ühendust meie toote turustajaga teie piirkonnas.

MÄRKUSED / NÄPUNÄITED

Käesoleva kasutusjuhendi soovituste eiramine, võivad põhjustada näiteks tulekahju, põletushaavu, elektrilööki, füüsilisi vigastusi ning muid materiaalseid ja mittemateriaalseid kahjustusi. Lisateavet Kanlux märgi alla tootete kohta leiate veebilehelt: www.kanlux.com. Kanlux SA ei kanna mingisugust vastutust juhtumite eest, mis tulenevad mitte kinnipidamisest siin toodud kasutusjuhendist. Firma Kanlux SA jätab endale õiguse muudatuste tegemiseks kasutusjuhendis - kehtiva versiooni saab alla laadida veebilehelt www.kanlux.com.
